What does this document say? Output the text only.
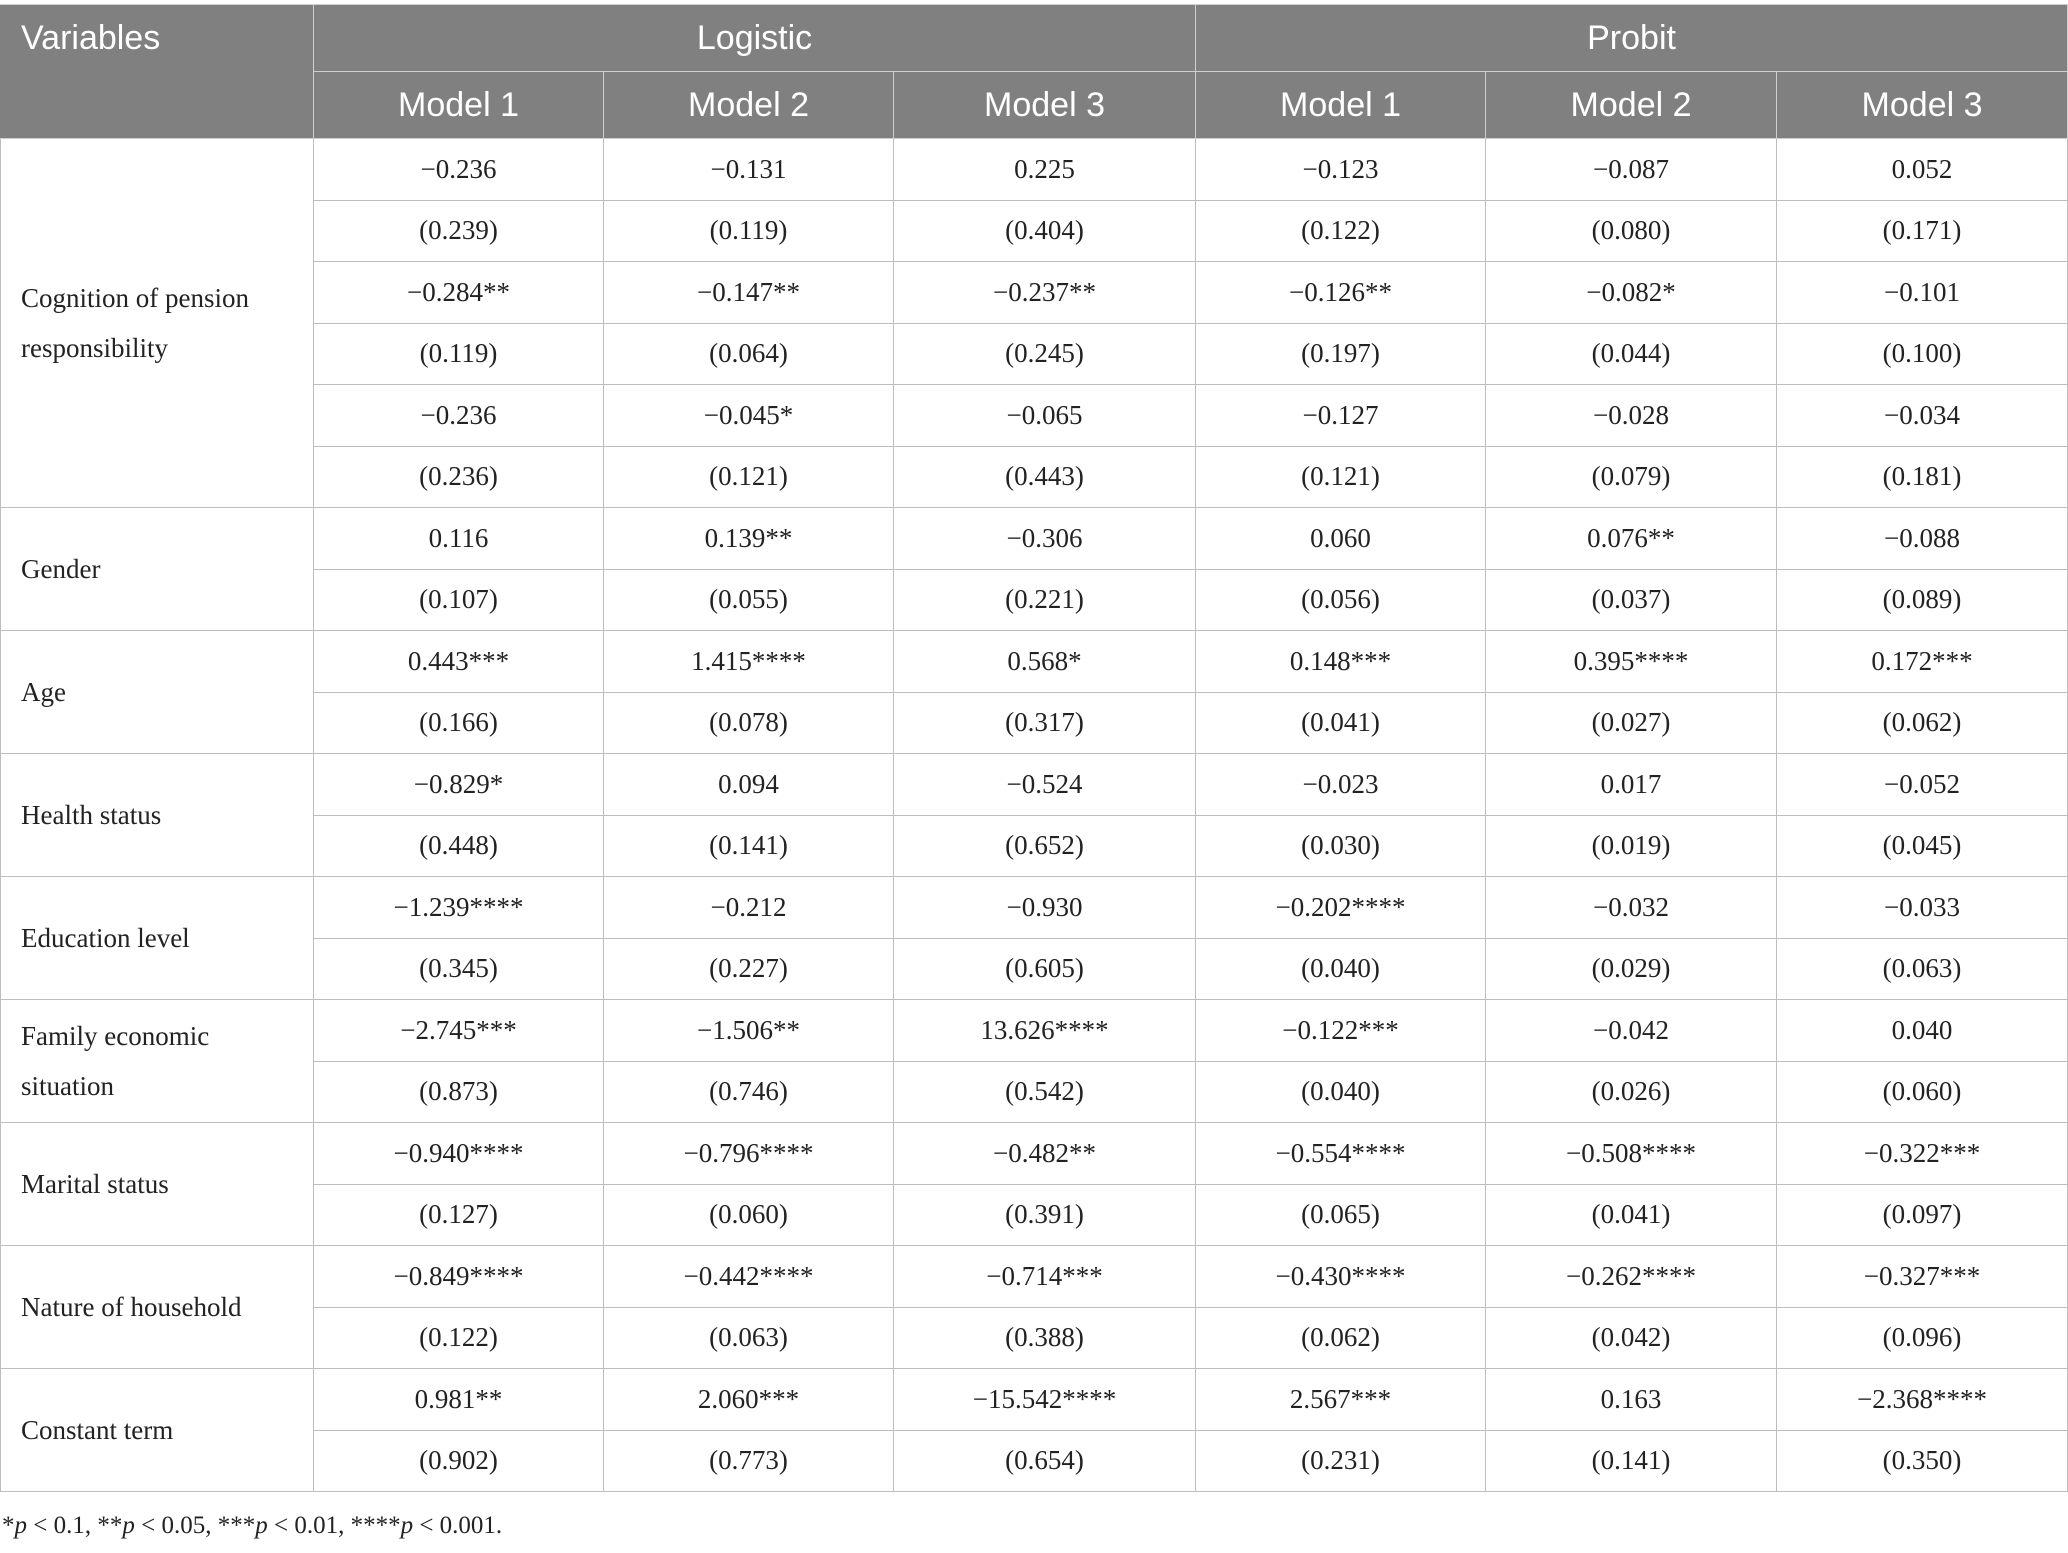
Variables	Logistic			Probit		
	Model 1	Model 2	Model 3	Model 1	Model 2	Model 3
Cognition of pension responsibility	−0.236	−0.131	0.225	−0.123	−0.087	0.052
	(0.239)	(0.119)	(0.404)	(0.122)	(0.080)	(0.171)
	−0.284**	−0.147**	−0.237**	−0.126**	−0.082*	−0.101
	(0.119)	(0.064)	(0.245)	(0.197)	(0.044)	(0.100)
	−0.236	−0.045*	−0.065	−0.127	−0.028	−0.034
	(0.236)	(0.121)	(0.443)	(0.121)	(0.079)	(0.181)
Gender	0.116	0.139**	−0.306	0.060	0.076**	−0.088
	(0.107)	(0.055)	(0.221)	(0.056)	(0.037)	(0.089)
Age	0.443***	1.415****	0.568*	0.148***	0.395****	0.172***
	(0.166)	(0.078)	(0.317)	(0.041)	(0.027)	(0.062)
Health status	−0.829*	0.094	−0.524	−0.023	0.017	−0.052
	(0.448)	(0.141)	(0.652)	(0.030)	(0.019)	(0.045)
Education level	−1.239****	−0.212	−0.930	−0.202****	−0.032	−0.033
	(0.345)	(0.227)	(0.605)	(0.040)	(0.029)	(0.063)
Family economic situation	−2.745***	−1.506**	13.626****	−0.122***	−0.042	0.040
	(0.873)	(0.746)	(0.542)	(0.040)	(0.026)	(0.060)
Marital status	−0.940****	−0.796****	−0.482**	−0.554****	−0.508****	−0.322***
	(0.127)	(0.060)	(0.391)	(0.065)	(0.041)	(0.097)
Nature of household	−0.849****	−0.442****	−0.714***	−0.430****	−0.262****	−0.327***
	(0.122)	(0.063)	(0.388)	(0.062)	(0.042)	(0.096)
Constant term	0.981**	2.060***	−15.542****	2.567***	0.163	−2.368****
	(0.902)	(0.773)	(0.654)	(0.231)	(0.141)	(0.350)
*p < 0.1, **p < 0.05, ***p < 0.01, ****p < 0.001.
